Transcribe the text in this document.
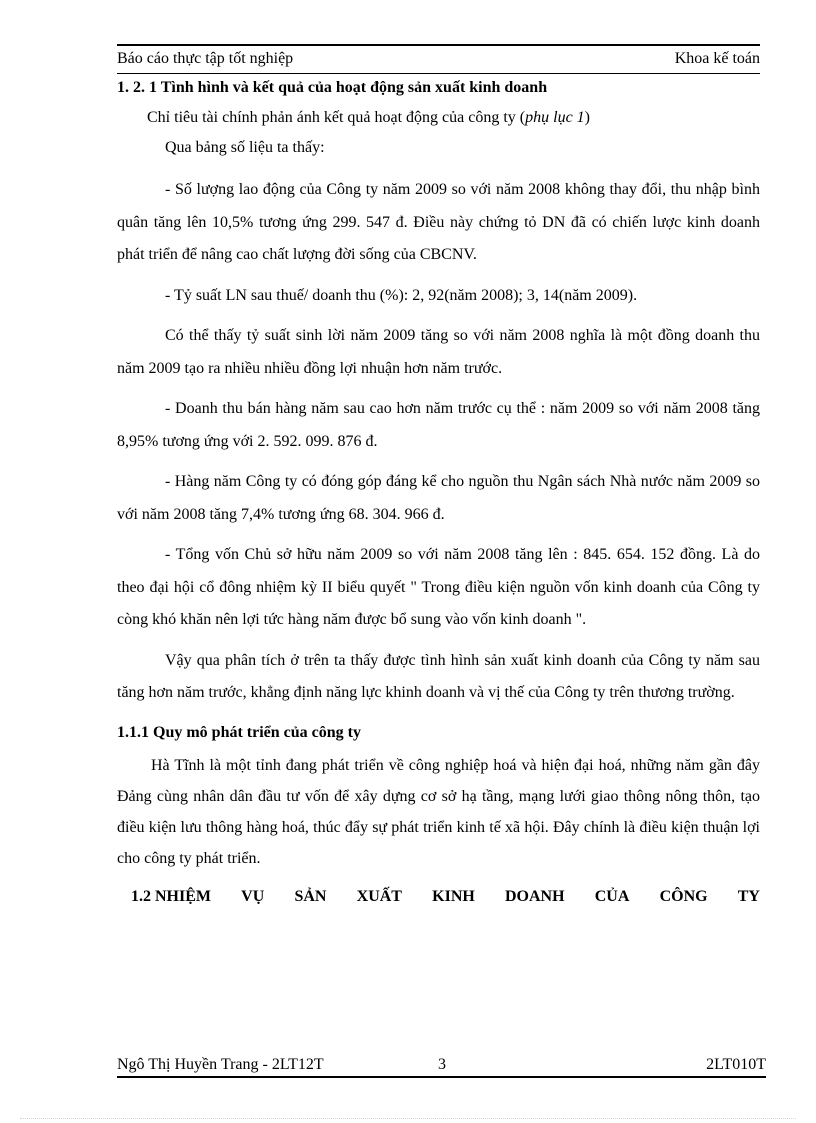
Báo cáo thực tập tốt nghiệp	Khoa kế toán

1. 2. 1 Tình hình và kết quả của hoạt động sản xuất kinh doanh

Chỉ tiêu tài chính phản ánh kết quả hoạt động của công ty (phụ lục 1)

Qua bảng số liệu ta thấy:

- Số lượng lao động của Công ty năm 2009 so với năm 2008 không thay đổi, thu nhập bình quân tăng lên 10,5% tương ứng 299. 547 đ. Điều này chứng tỏ DN đã có chiến lược kinh doanh phát triển để nâng cao chất lượng đời sống của CBCNV.

- Tỷ suất LN sau thuế/ doanh thu (%): 2, 92(năm 2008); 3, 14(năm 2009).

Có thể thấy tỷ suất sinh lời năm 2009 tăng so với năm 2008 nghĩa là một đồng doanh thu năm 2009 tạo ra nhiều nhiều đồng lợi nhuận hơn năm trước.

- Doanh thu bán hàng năm sau cao hơn năm trước cụ thể : năm 2009 so với năm 2008 tăng 8,95% tương ứng với 2. 592. 099. 876 đ.

- Hàng năm Công ty có đóng góp đáng kể cho nguồn thu Ngân sách Nhà nước năm 2009 so với năm 2008 tăng 7,4% tương ứng 68. 304. 966 đ.

- Tổng vốn Chủ sở hữu năm 2009 so với năm 2008 tăng lên : 845. 654. 152 đồng. Là do theo đại hội cổ đông nhiệm kỳ II biểu quyết " Trong điều kiện nguồn vốn kinh doanh của Công ty còng khó khăn nên lợi tức hàng năm được bổ sung vào vốn kinh doanh ".

Vậy qua phân tích ở trên ta thấy được tình hình sản xuất kinh doanh của Công ty năm sau tăng hơn năm trước, khẳng định năng lực khinh doanh và vị thế của Công ty trên thương trường.

1.1.1 Quy mô phát triển của công ty

Hà Tĩnh là một tỉnh đang phát triển về công nghiệp hoá và hiện đại hoá, những năm gần đây Đảng cùng nhân dân đầu tư vốn để xây dựng cơ sở hạ tầng, mạng lưới giao thông nông thôn, tạo điều kiện lưu thông hàng hoá, thúc đẩy sự phát triển kinh tế xã hội. Đây chính là điều kiện thuận lợi cho công ty phát triển.

1.2 NHIỆM VỤ SẢN XUẤT KINH DOANH CỦA CÔNG TY
Ngô Thị Huyền Trang - 2LT12T	3	2LT010T
